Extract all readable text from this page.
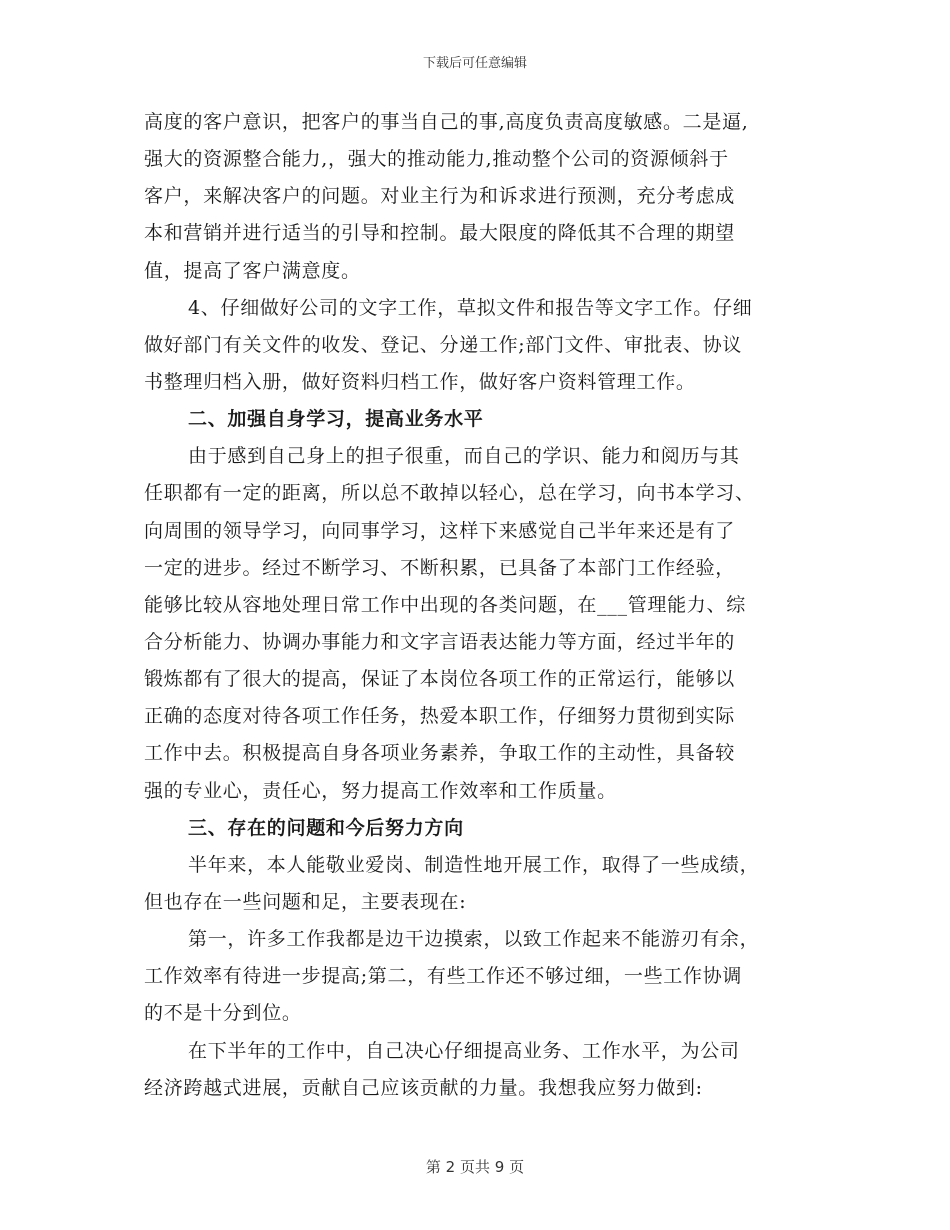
下载后可任意编辑
高度的客户意识，把客户的事当自己的事,高度负责高度敏感。二是逼,
强大的资源整合能力,，强大的推动能力,推动整个公司的资源倾斜于
客户，来解决客户的问题。对业主行为和诉求进行预测，充分考虑成
本和营销并进行适当的引导和控制。最大限度的降低其不合理的期望
值，提高了客户满意度。
4、仔细做好公司的文字工作，草拟文件和报告等文字工作。仔细
做好部门有关文件的收发、登记、分递工作;部门文件、审批表、协议
书整理归档入册，做好资料归档工作，做好客户资料管理工作。
二、加强自身学习，提高业务水平
由于感到自己身上的担子很重，而自己的学识、能力和阅历与其
任职都有一定的距离，所以总不敢掉以轻心，总在学习，向书本学习、
向周围的领导学习，向同事学习，这样下来感觉自己半年来还是有了
一定的进步。经过不断学习、不断积累，已具备了本部门工作经验，
能够比较从容地处理日常工作中出现的各类问题，在___管理能力、综
合分析能力、协调办事能力和文字言语表达能力等方面，经过半年的
锻炼都有了很大的提高，保证了本岗位各项工作的正常运行，能够以
正确的态度对待各项工作任务，热爱本职工作，仔细努力贯彻到实际
工作中去。积极提高自身各项业务素养，争取工作的主动性，具备较
强的专业心，责任心，努力提高工作效率和工作质量。
三、存在的问题和今后努力方向
半年来，本人能敬业爱岗、制造性地开展工作，取得了一些成绩，
但也存在一些问题和足，主要表现在:
第一，许多工作我都是边干边摸索，以致工作起来不能游刃有余，
工作效率有待进一步提高;第二，有些工作还不够过细，一些工作协调
的不是十分到位。
在下半年的工作中，自己决心仔细提高业务、工作水平，为公司
经济跨越式进展，贡献自己应该贡献的力量。我想我应努力做到:
第 2 页共 9 页
